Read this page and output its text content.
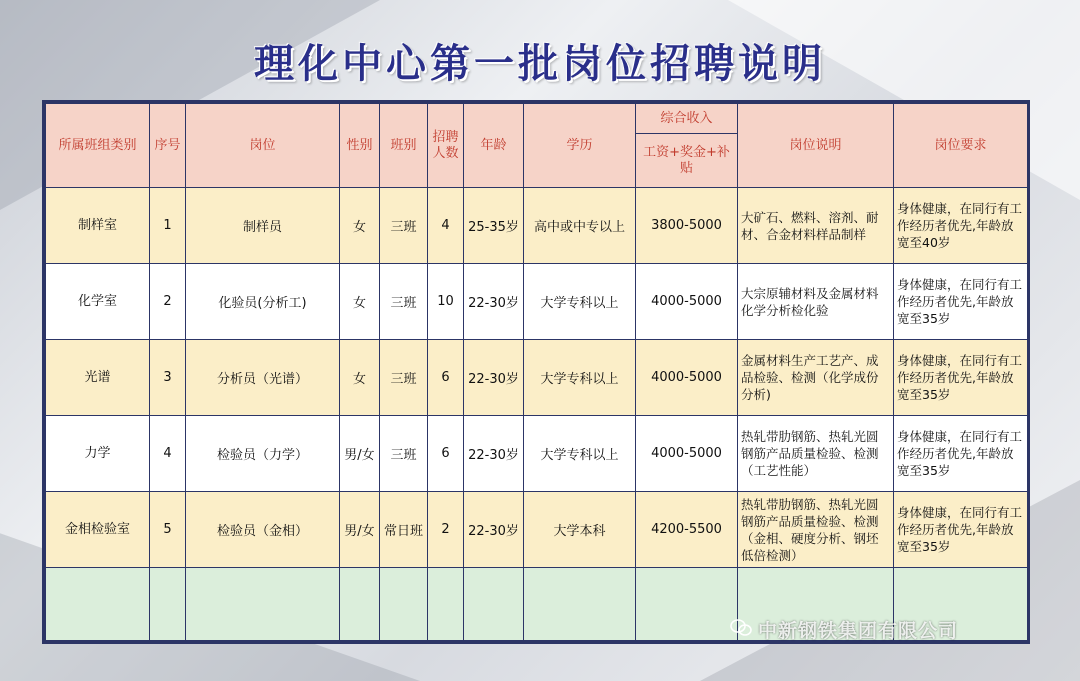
理化中心第一批岗位招聘说明
所属班组类别	序号	岗位	性别	班别	招聘人数	年龄	学历	综合收入	岗位说明	岗位要求
								工资+奖金+补贴		
制样室	1	制样员	女	三班	4	25-35岁	高中或中专以上	3800-5000	大矿石、燃料、溶剂、耐材、合金材料样品制样	身体健康，在同行有工作经历者优先,年龄放宽至40岁
化学室	2	化验员(分析工)	女	三班	10	22-30岁	大学专科以上	4000-5000	大宗原辅材料及金属材料化学分析检化验	身体健康，在同行有工作经历者优先,年龄放宽至35岁
光谱	3	分析员（光谱）	女	三班	6	22-30岁	大学专科以上	4000-5000	金属材料生产工艺产、成品检验、检测（化学成份分析)	身体健康，在同行有工作经历者优先,年龄放宽至35岁
力学	4	检验员（力学）	男/女	三班	6	22-30岁	大学专科以上	4000-5000	热轧带肋钢筋、热轧光圆钢筋产品质量检验、检测（工艺性能）	身体健康，在同行有工作经历者优先,年龄放宽至35岁
金相检验室	5	检验员（金相）	男/女	常日班	2	22-30岁	大学本科	4200-5500	热轧带肋钢筋、热轧光圆钢筋产品质量检验、检测（金相、硬度分析、钢坯低倍检测）	身体健康，在同行有工作经历者优先,年龄放宽至35岁

中新钢铁集团有限公司
